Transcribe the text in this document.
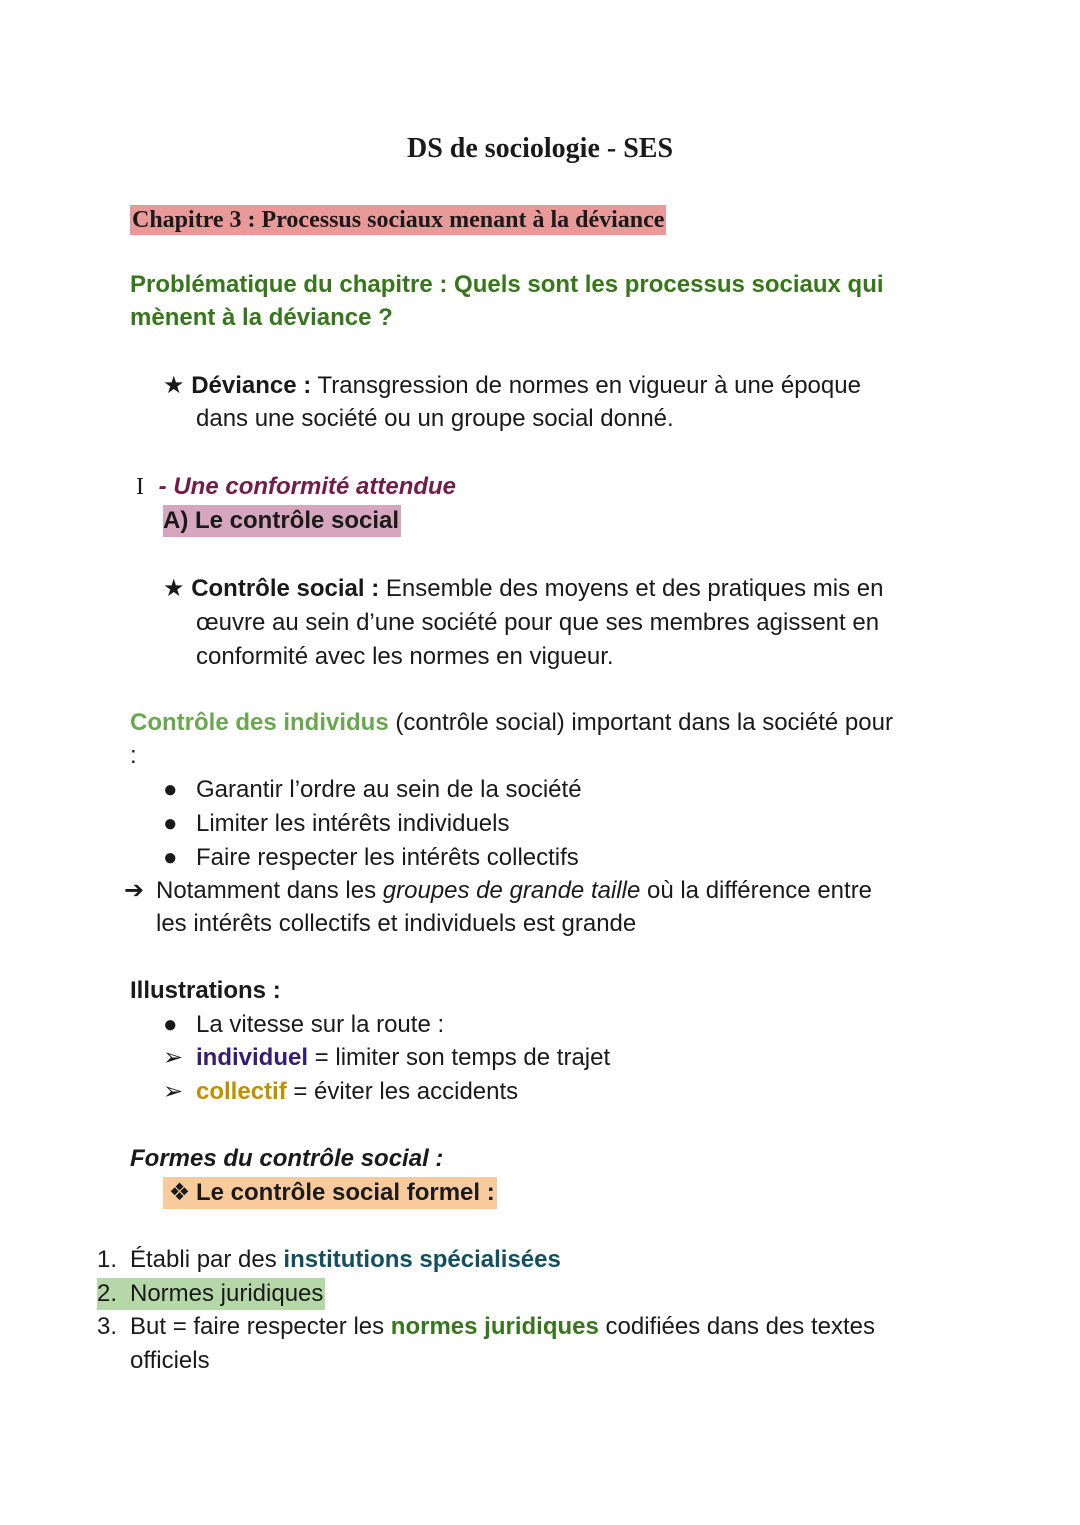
DS de sociologie - SES
Chapitre 3 : Processus sociaux menant à la déviance
Problématique du chapitre : Quels sont les processus sociaux qui
mènent à la déviance ?
★ Déviance : Transgression de normes en vigueur à une époque
dans une société ou un groupe social donné.
I - Une conformité attendue
A) Le contrôle social
★ Contrôle social : Ensemble des moyens et des pratiques mis en
œuvre au sein d’une société pour que ses membres agissent en
conformité avec les normes en vigueur.
Contrôle des individus (contrôle social) important dans la société pour
:
● Garantir l’ordre au sein de la société
● Limiter les intérêts individuels
● Faire respecter les intérêts collectifs
➔ Notamment dans les groupes de grande taille où la différence entre
les intérêts collectifs et individuels est grande
Illustrations :
● La vitesse sur la route :
➢ individuel = limiter son temps de trajet
➢ collectif = éviter les accidents
Formes du contrôle social :
❖ Le contrôle social formel :
1. Établi par des institutions spécialisées
2. Normes juridiques
3. But = faire respecter les normes juridiques codifiées dans des textes
officiels
